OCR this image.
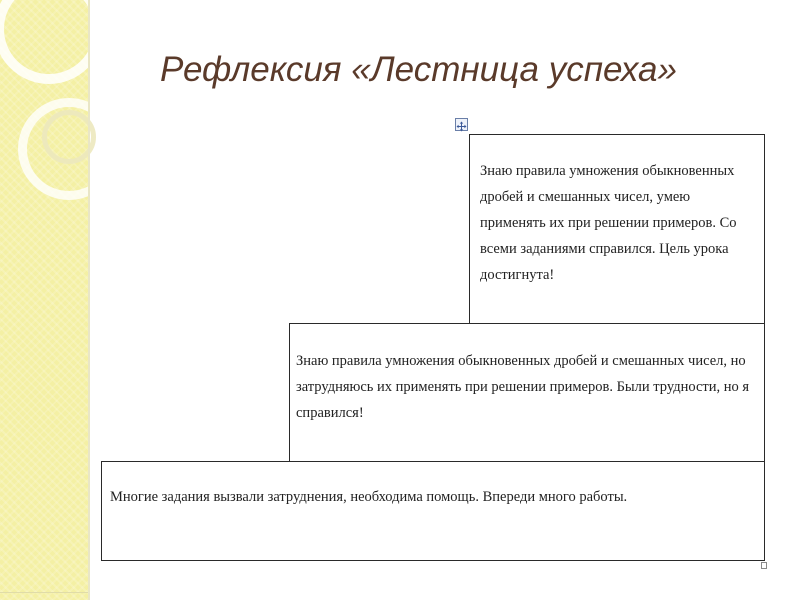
Рефлексия «Лестница успеха»
Знаю правила умножения обыкновенных дробей и смешанных чисел, умею применять их при решении примеров. Со всеми заданиями справился. Цель урока достигнута!
Знаю правила умножения обыкновенных дробей и смешанных чисел, но затрудняюсь их применять при решении примеров. Были трудности, но я справился!
Многие задания вызвали затруднения, необходима помощь. Впереди много работы.
